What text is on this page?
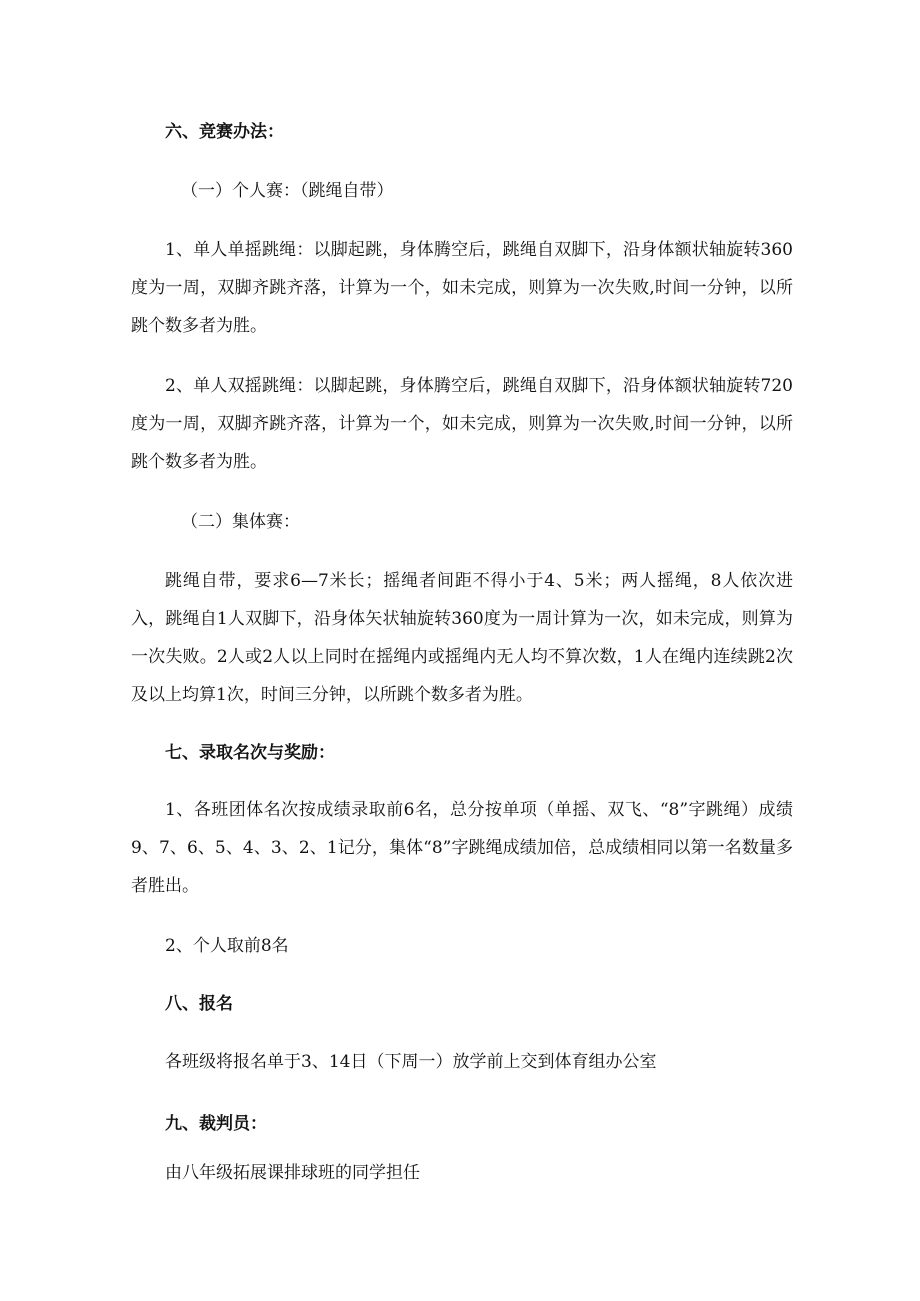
六、竞赛办法：

（一）个人赛：（跳绳自带）

1、单人单摇跳绳：以脚起跳，身体腾空后，跳绳自双脚下，沿身体额状轴旋转360度为一周，双脚齐跳齐落，计算为一个，如未完成，则算为一次失败,时间一分钟，以所跳个数多者为胜。

2、单人双摇跳绳：以脚起跳，身体腾空后，跳绳自双脚下，沿身体额状轴旋转720度为一周，双脚齐跳齐落，计算为一个，如未完成，则算为一次失败,时间一分钟，以所跳个数多者为胜。

（二）集体赛：

跳绳自带，要求6—7米长；摇绳者间距不得小于4、5米；两人摇绳，8人依次进入，跳绳自1人双脚下，沿身体矢状轴旋转360度为一周计算为一次，如未完成，则算为一次失败。2人或2人以上同时在摇绳内或摇绳内无人均不算次数，1人在绳内连续跳2次及以上均算1次，时间三分钟，以所跳个数多者为胜。

七、录取名次与奖励：

1、各班团体名次按成绩录取前6名，总分按单项（单摇、双飞、“8”字跳绳）成绩9、7、6、5、4、3、2、1记分，集体“8”字跳绳成绩加倍，总成绩相同以第一名数量多者胜出。

2、个人取前8名

八、报名

各班级将报名单于3、14日（下周一）放学前上交到体育组办公室

九、裁判员：

由八年级拓展课排球班的同学担任
